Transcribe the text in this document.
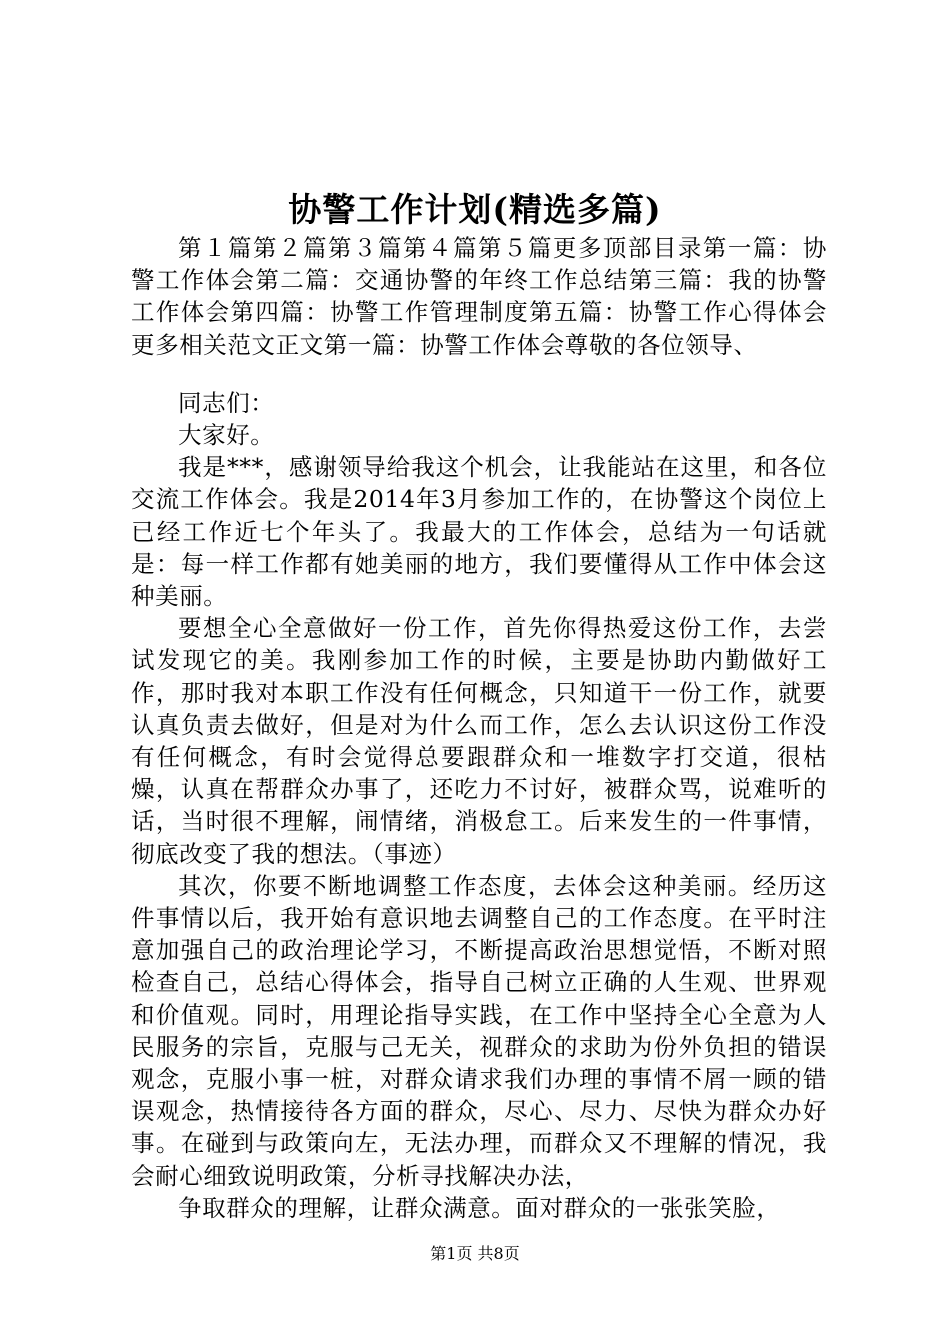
协警工作计划(精选多篇)

第１篇第２篇第３篇第４篇第５篇更多顶部目录第一篇：协警工作体会第二篇：交通协警的年终工作总结第三篇：我的协警工作体会第四篇：协警工作管理制度第五篇：协警工作心得体会更多相关范文正文第一篇：协警工作体会尊敬的各位领导、

同志们：

大家好。

我是***，感谢领导给我这个机会，让我能站在这里，和各位交流工作体会。我是2014年3月参加工作的，在协警这个岗位上已经工作近七个年头了。我最大的工作体会，总结为一句话就是：每一样工作都有她美丽的地方，我们要懂得从工作中体会这种美丽。

要想全心全意做好一份工作，首先你得热爱这份工作，去尝试发现它的美。我刚参加工作的时候，主要是协助内勤做好工作，那时我对本职工作没有任何概念，只知道干一份工作，就要认真负责去做好，但是对为什么而工作，怎么去认识这份工作没有任何概念，有时会觉得总要跟群众和一堆数字打交道，很枯燥，认真在帮群众办事了，还吃力不讨好，被群众骂，说难听的话，当时很不理解，闹情绪，消极怠工。后来发生的一件事情，彻底改变了我的想法。（事迹）

其次，你要不断地调整工作态度，去体会这种美丽。经历这件事情以后，我开始有意识地去调整自己的工作态度。在平时注意加强自己的政治理论学习，不断提高政治思想觉悟，不断对照检查自己，总结心得体会，指导自己树立正确的人生观、世界观和价值观。同时，用理论指导实践，在工作中坚持全心全意为人民服务的宗旨，克服与己无关，视群众的求助为份外负担的错误观念，克服小事一桩，对群众请求我们办理的事情不屑一顾的错误观念，热情接待各方面的群众，尽心、尽力、尽快为群众办好事。在碰到与政策向左，无法办理，而群众又不理解的情况，我会耐心细致说明政策，分析寻找解决办法，

争取群众的理解，让群众满意。面对群众的一张张笑脸，

第1页 共8页
